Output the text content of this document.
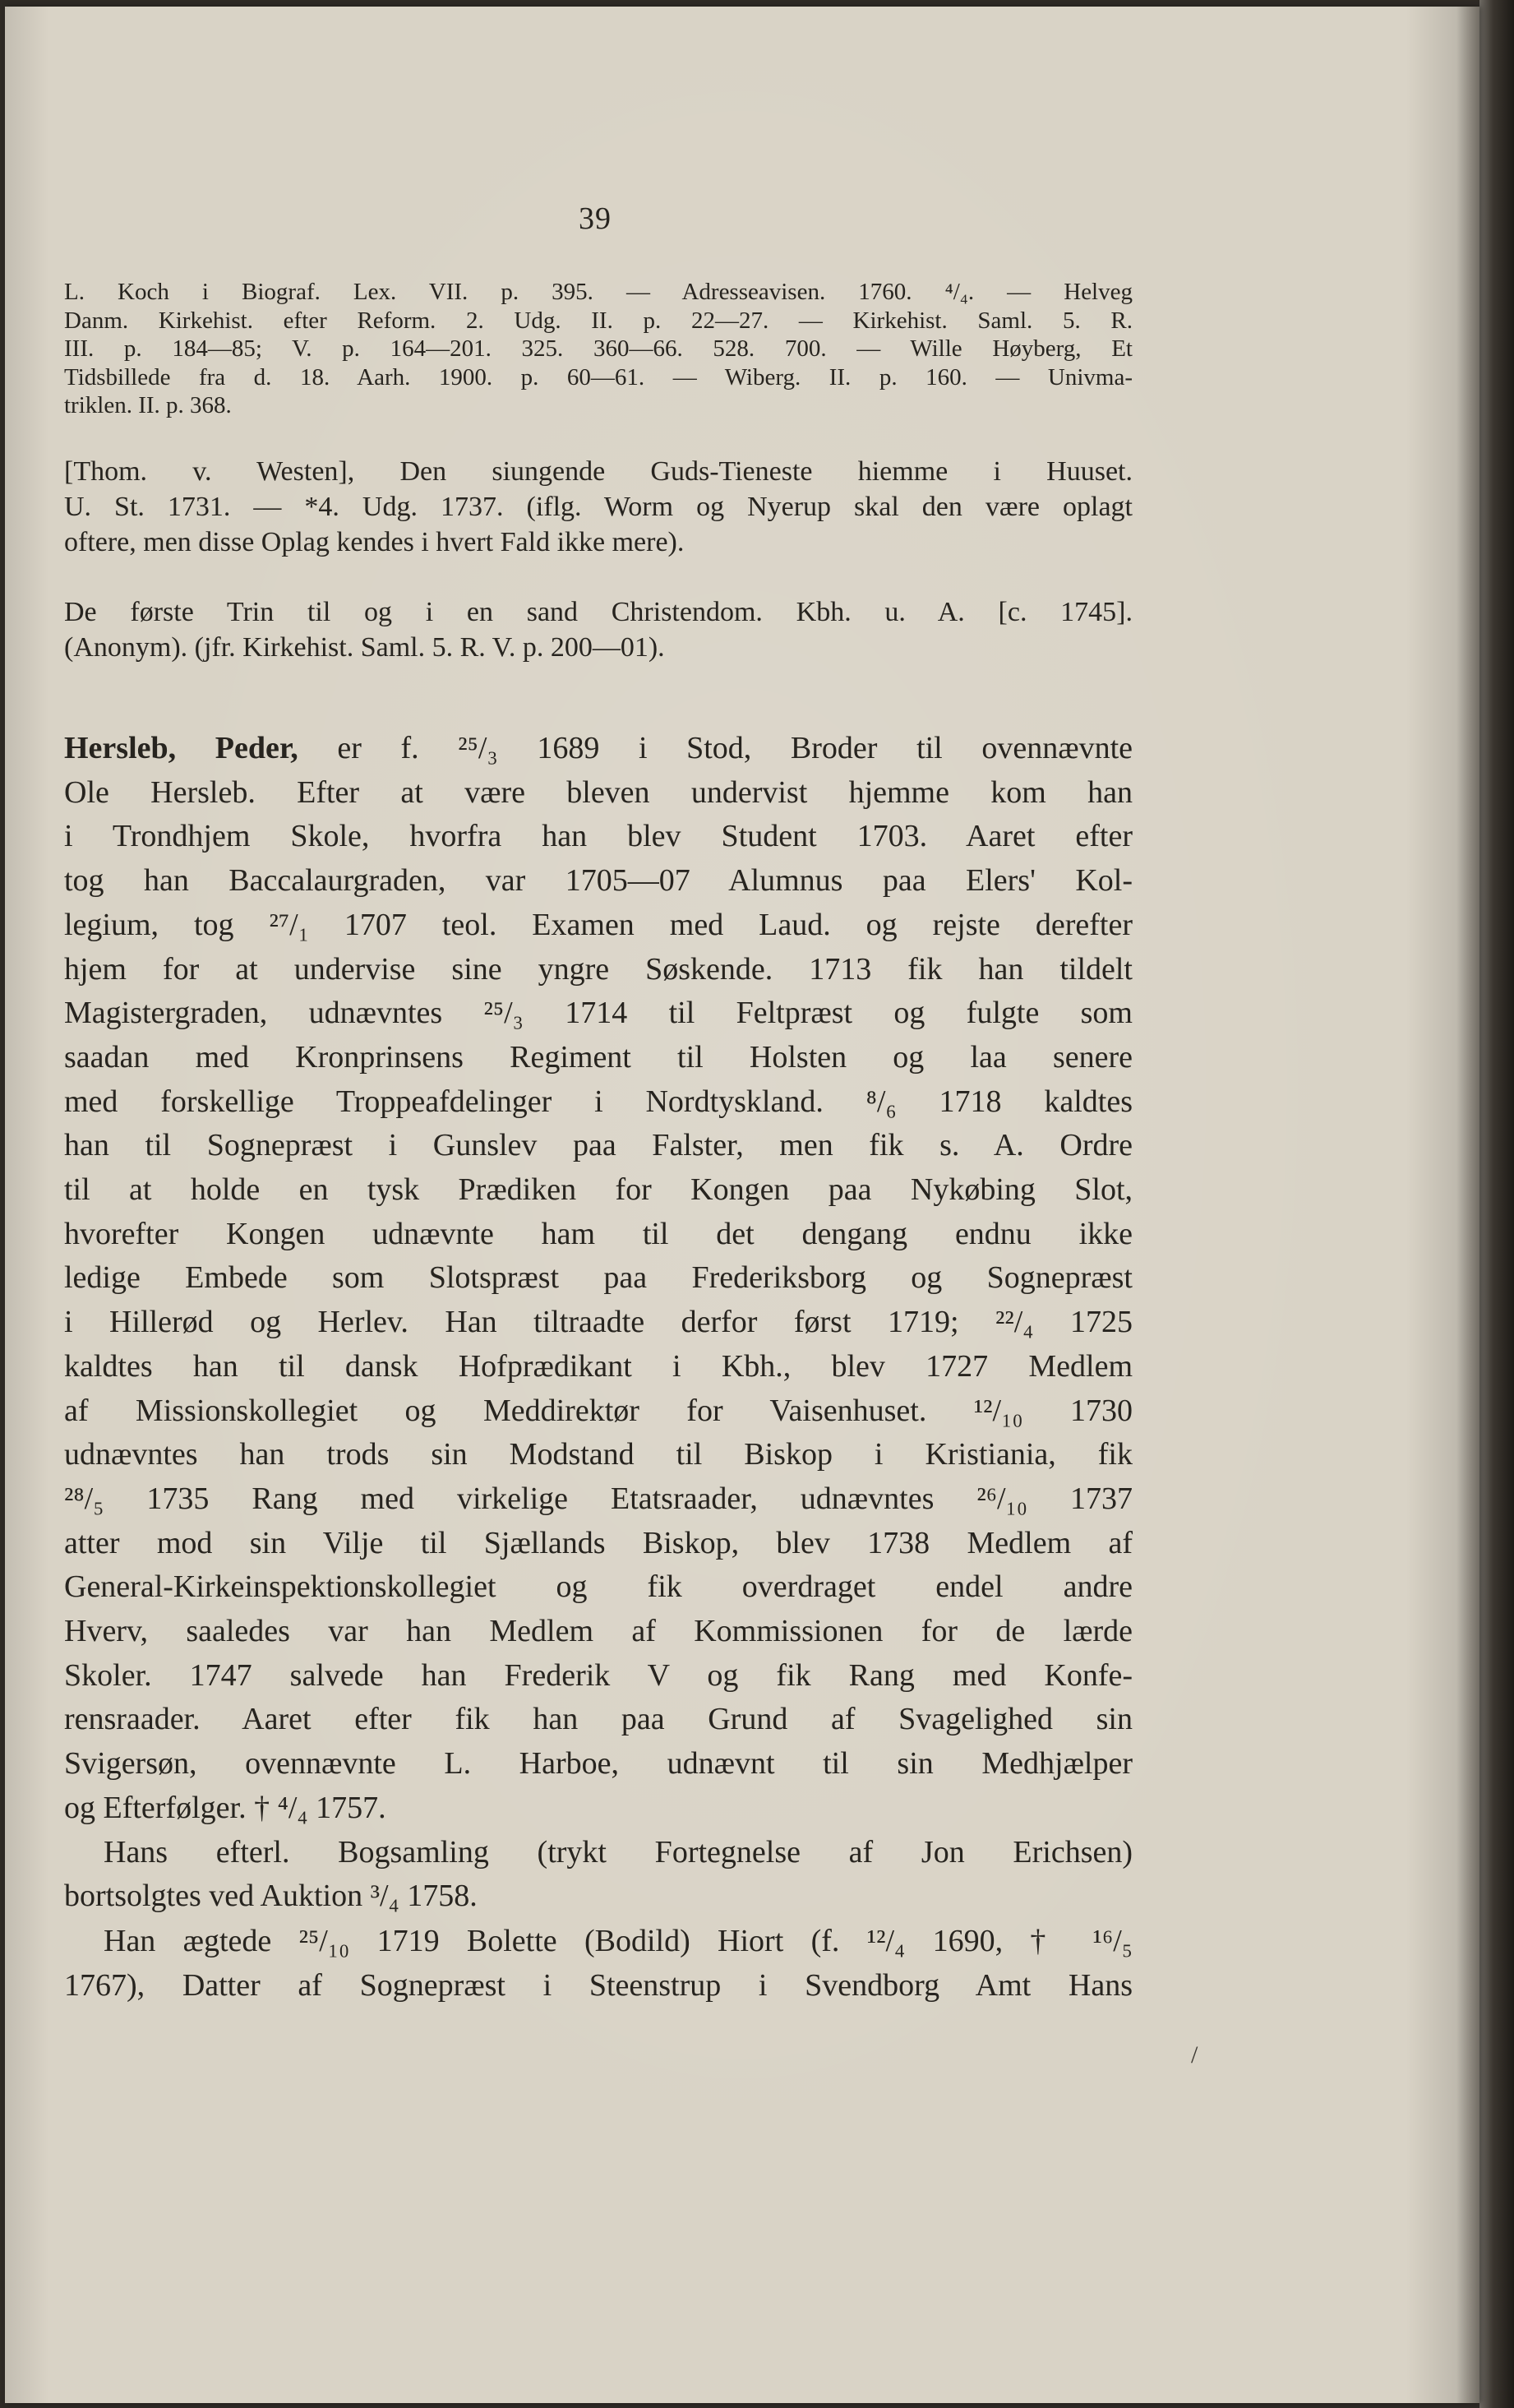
39
L. Koch i Biograf. Lex. VII. p. 395. — Adresseavisen. 1760. ⁴/₄. — Helveg
Danm. Kirkehist. efter Reform. 2. Udg. II. p. 22—27. — Kirkehist. Saml. 5. R.
III. p. 184—85; V. p. 164—201. 325. 360—66. 528. 700. — Wille Høyberg, Et
Tidsbillede fra d. 18. Aarh. 1900. p. 60—61. — Wiberg. II. p. 160. — Univma-
triklen. II. p. 368.
[Thom. v. Westen], Den siungende Guds-Tieneste hiemme i Huuset.
U. St. 1731. — *4. Udg. 1737. (iflg. Worm og Nyerup skal den være oplagt
oftere, men disse Oplag kendes i hvert Fald ikke mere).
De første Trin til og i en sand Christendom. Kbh. u. A. [c. 1745].
(Anonym). (jfr. Kirkehist. Saml. 5. R. V. p. 200—01).
Hersleb, Peder, er f. ²⁵/₃ 1689 i Stod, Broder til ovennævnte
Ole Hersleb. Efter at være bleven undervist hjemme kom han
i Trondhjem Skole, hvorfra han blev Student 1703. Aaret efter
tog han Baccalaurgraden, var 1705—07 Alumnus paa Elers' Kol-
legium, tog ²⁷/₁ 1707 teol. Examen med Laud. og rejste derefter
hjem for at undervise sine yngre Søskende. 1713 fik han tildelt
Magistergraden, udnævntes ²⁵/₃ 1714 til Feltpræst og fulgte som
saadan med Kronprinsens Regiment til Holsten og laa senere
med forskellige Troppeafdelinger i Nordtyskland. ⁸/₆ 1718 kaldtes
han til Sognepræst i Gunslev paa Falster, men fik s. A. Ordre
til at holde en tysk Prædiken for Kongen paa Nykøbing Slot,
hvorefter Kongen udnævnte ham til det dengang endnu ikke
ledige Embede som Slotspræst paa Frederiksborg og Sognepræst
i Hillerød og Herlev. Han tiltraadte derfor først 1719; ²²/₄ 1725
kaldtes han til dansk Hofprædikant i Kbh., blev 1727 Medlem
af Missionskollegiet og Meddirektør for Vaisenhuset. ¹²/₁₀ 1730
udnævntes han trods sin Modstand til Biskop i Kristiania, fik
²⁸/₅ 1735 Rang med virkelige Etatsraader, udnævntes ²⁶/₁₀ 1737
atter mod sin Vilje til Sjællands Biskop, blev 1738 Medlem af
General-Kirkeinspektionskollegiet og fik overdraget endel andre
Hverv, saaledes var han Medlem af Kommissionen for de lærde
Skoler. 1747 salvede han Frederik V og fik Rang med Konfe-
rensraader. Aaret efter fik han paa Grund af Svagelighed sin
Svigersøn, ovennævnte L. Harboe, udnævnt til sin Medhjælper
og Efterfølger. † ⁴/₄ 1757.
Hans efterl. Bogsamling (trykt Fortegnelse af Jon Erichsen)
bortsolgtes ved Auktion ³/₄ 1758.
Han ægtede ²⁵/₁₀ 1719 Bolette (Bodild) Hiort (f. ¹²/₄ 1690, † ¹⁶/₅
1767), Datter af Sognepræst i Steenstrup i Svendborg Amt Hans
/
